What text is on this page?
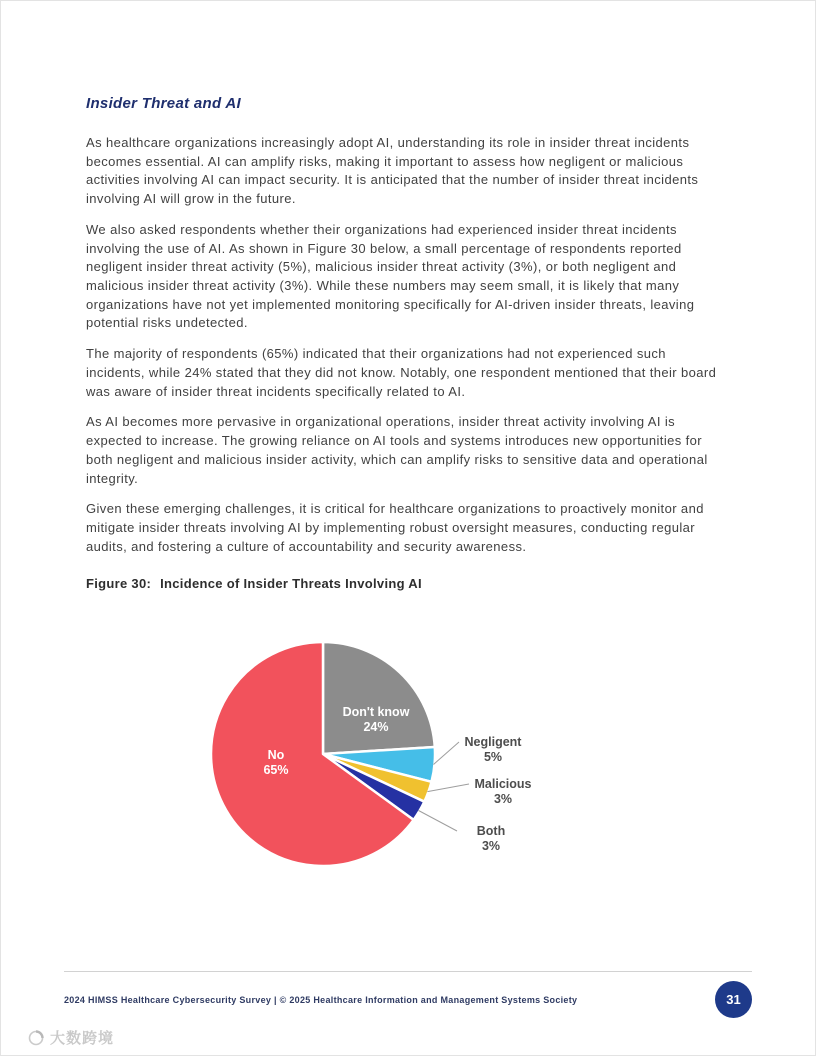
Insider Threat and AI

As healthcare organizations increasingly adopt AI, understanding its role in insider threat incidents becomes essential. AI can amplify risks, making it important to assess how negligent or malicious activities involving AI can impact security. It is anticipated that the number of insider threat incidents involving AI will grow in the future.

We also asked respondents whether their organizations had experienced insider threat incidents involving the use of AI. As shown in Figure 30 below, a small percentage of respondents reported negligent insider threat activity (5%), malicious insider threat activity (3%), or both negligent and malicious insider threat activity (3%). While these numbers may seem small, it is likely that many organizations have not yet implemented monitoring specifically for AI-driven insider threats, leaving potential risks undetected.

The majority of respondents (65%) indicated that their organizations had not experienced such incidents, while 24% stated that they did not know. Notably, one respondent mentioned that their board was aware of insider threat incidents specifically related to AI.

As AI becomes more pervasive in organizational operations, insider threat activity involving AI is expected to increase. The growing reliance on AI tools and systems introduces new opportunities for both negligent and malicious insider activity, which can amplify risks to sensitive data and operational integrity.

Given these emerging challenges, it is critical for healthcare organizations to proactively monitor and mitigate insider threats involving AI by implementing robust oversight measures, conducting regular audits, and fostering a culture of accountability and security awareness.

Figure 30: Incidence of Insider Threats Involving AI

Don't know 24%
Negligent 5%
Malicious 3%
Both 3%
No 65%
2024 HIMSS Healthcare Cybersecurity Survey | © 2025 Healthcare Information and Management Systems Society	31
大数跨境
